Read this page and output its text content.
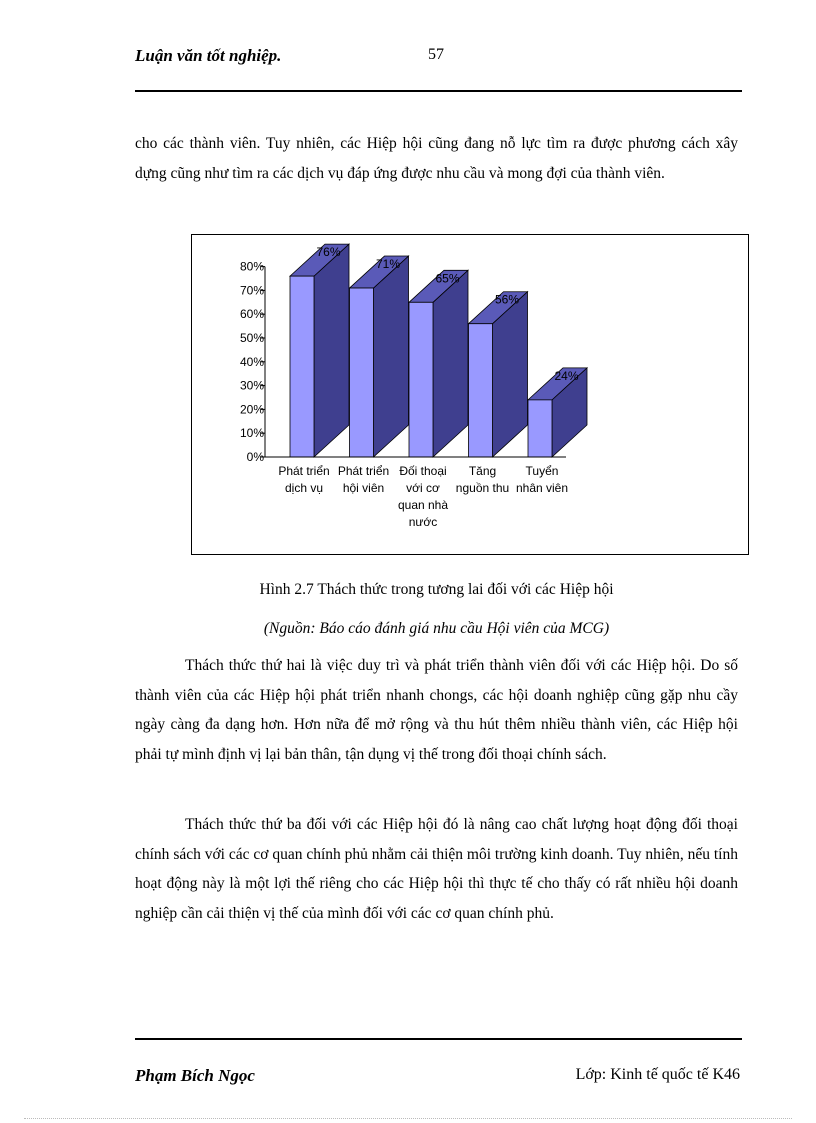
Luận văn tốt nghiệp.	57

cho các thành viên. Tuy nhiên, các Hiệp hội cũng đang nỗ lực tìm ra được phương cách xây dựng cũng như tìm ra các dịch vụ đáp ứng được nhu cầu và mong đợi của thành viên.

0%
10%
20%
30%
40%
50%
60%
70%
80%
76%
71%
65%
56%
24%
Phát triển dịch vụ
Phát triển hội viên
Đối thoại với cơ quan nhà nước
Tăng nguồn thu
Tuyển nhân viên
Hình 2.7 Thách thức trong tương lai đối với các Hiệp hội
(Nguồn: Báo cáo đánh giá nhu cầu Hội viên của MCG)

Thách thức thứ hai là việc duy trì và phát triển thành viên đối với các Hiệp hội. Do số thành viên của các Hiệp hội phát triển nhanh chongs, các hội doanh nghiệp cũng gặp nhu cầy ngày càng đa dạng hơn. Hơn nữa để mở rộng và thu hút thêm nhiều thành viên, các Hiệp hội phải tự mình định vị lại bản thân, tận dụng vị thế trong đối thoại chính sách.

Thách thức thứ ba đối với các Hiệp hội đó là nâng cao chất lượng hoạt động đối thoại chính sách với các cơ quan chính phủ nhằm cải thiện môi trường kinh doanh. Tuy nhiên, nếu tính hoạt động này là một lợi thế riêng cho các Hiệp hội thì thực tế cho thấy có rất nhiều hội doanh nghiệp cần cải thiện vị thế của mình đối với các cơ quan chính phủ.

Phạm Bích Ngọc	Lớp: Kinh tế quốc tế K46
